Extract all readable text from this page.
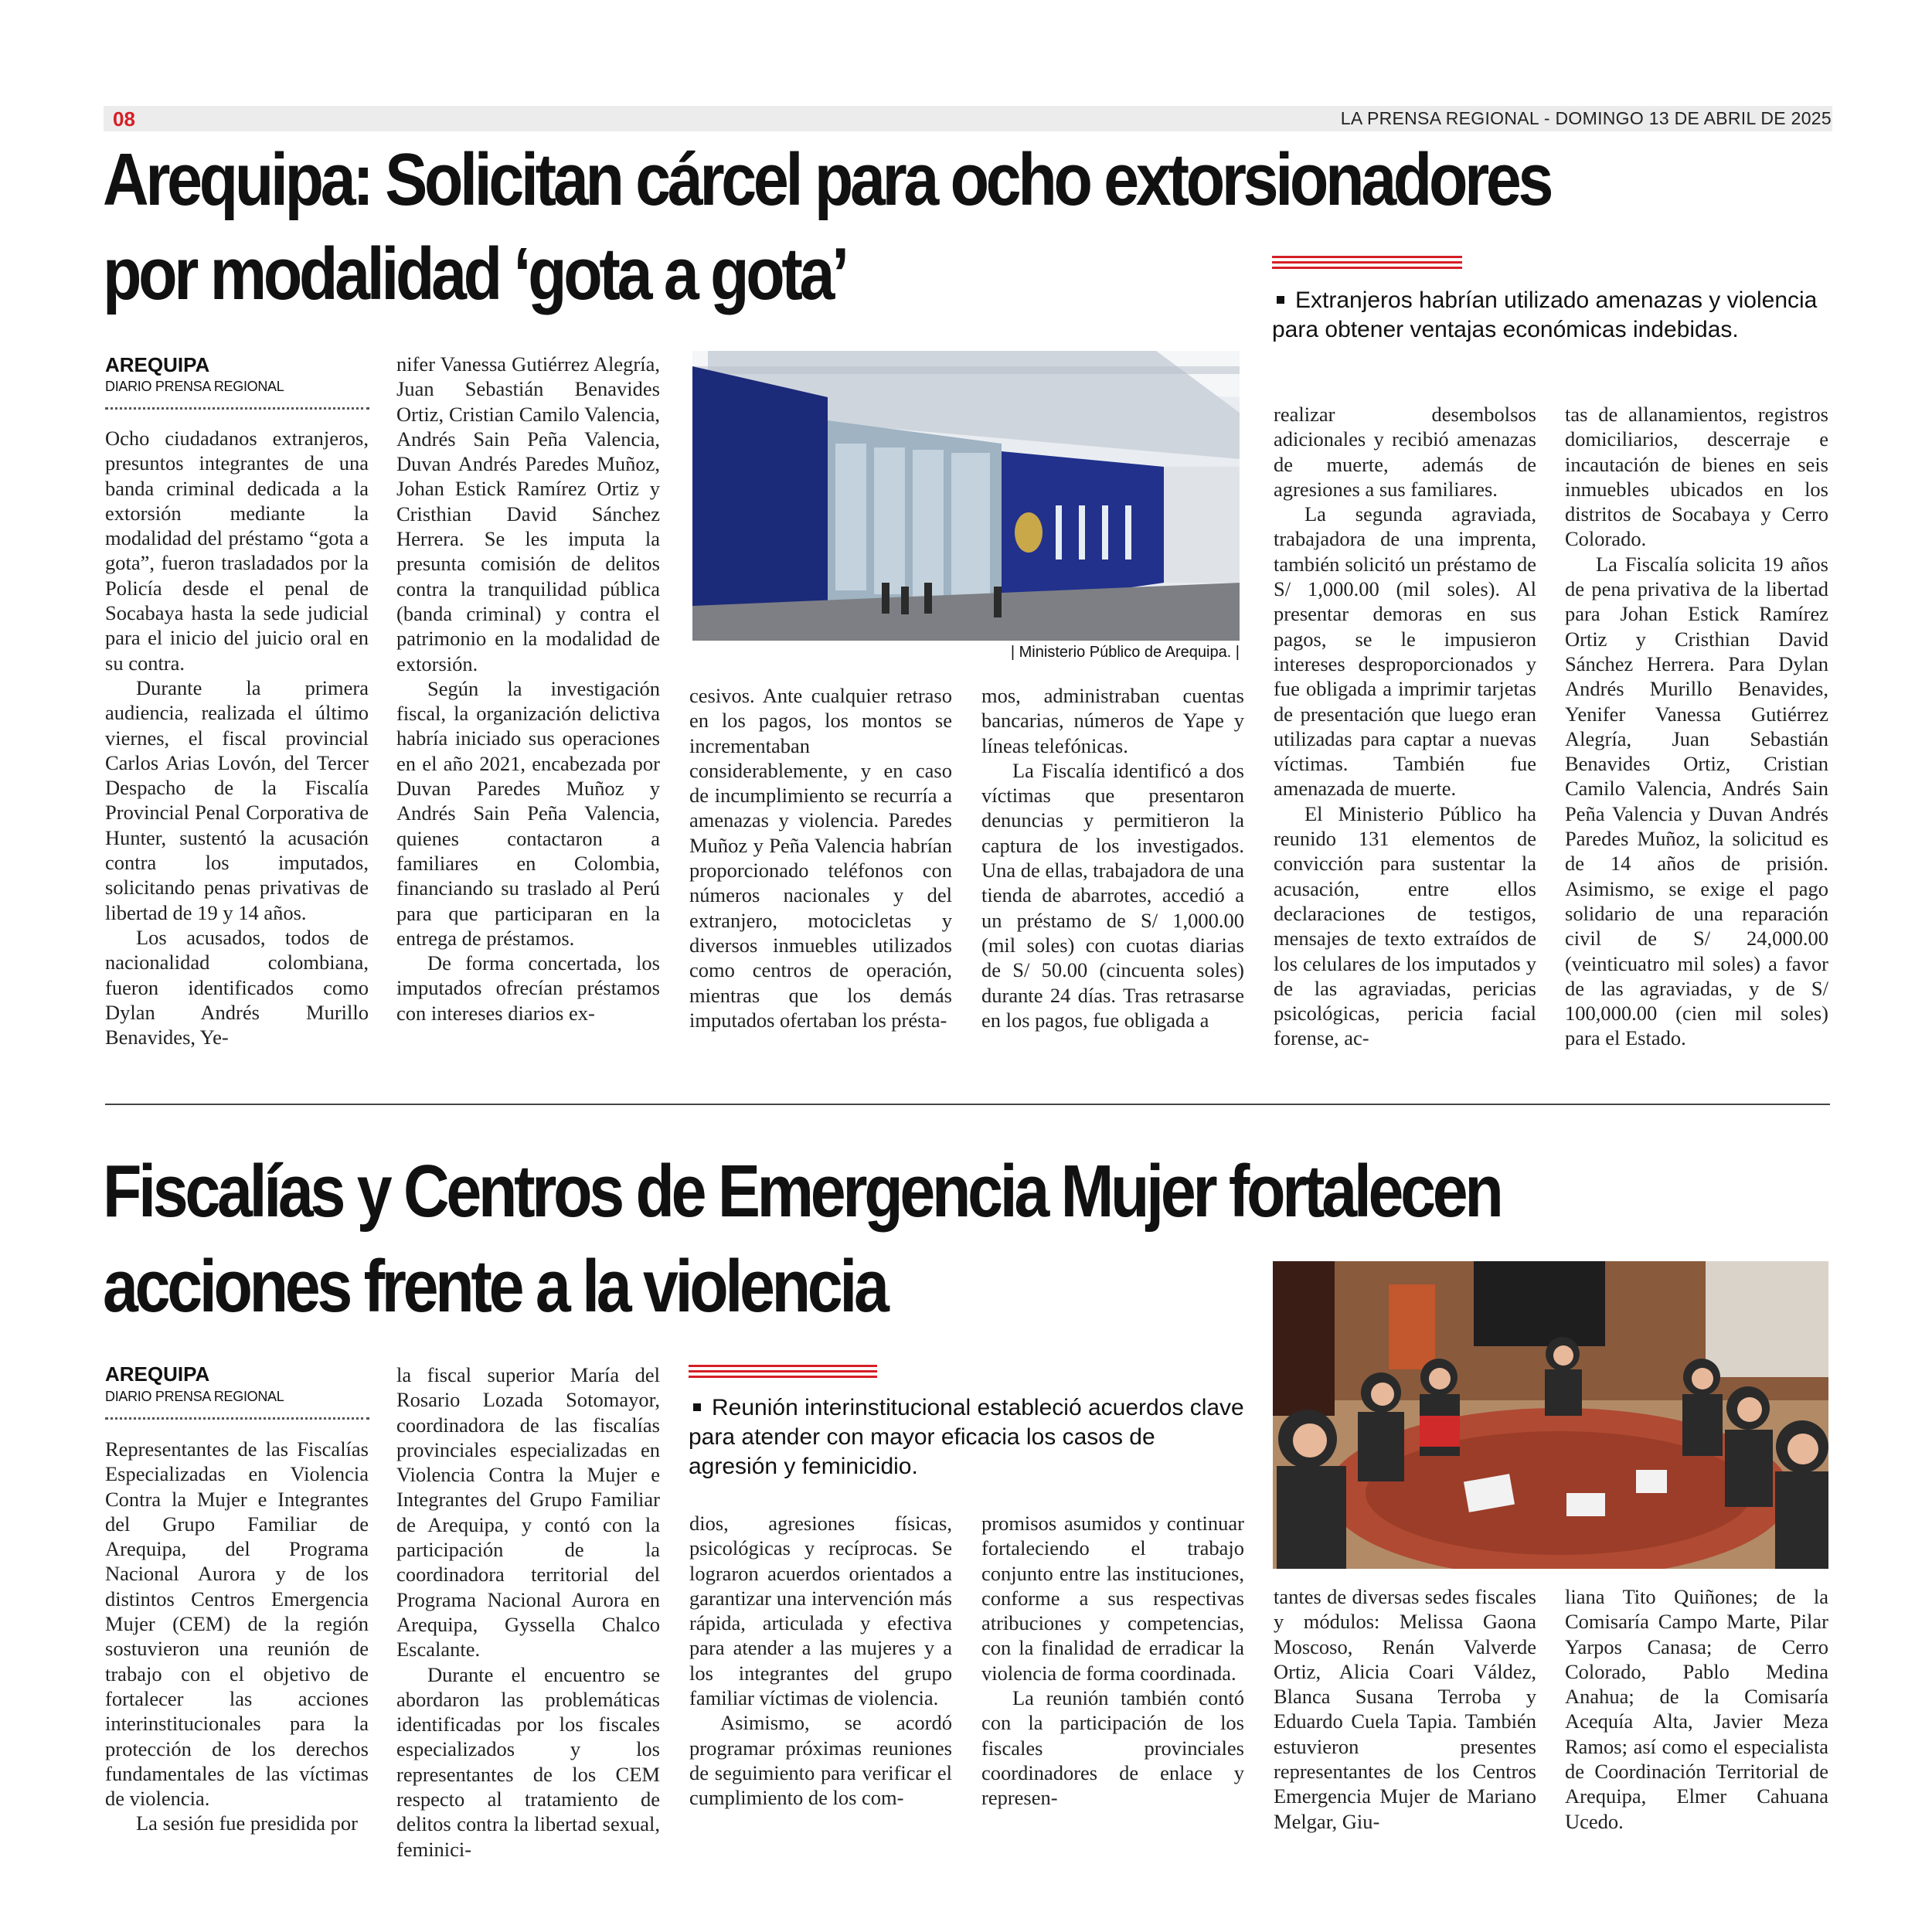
08	LA PRENSA REGIONAL - DOMINGO 13 DE ABRIL DE 2025
Arequipa: Solicitan cárcel para ocho extorsionadores
por modalidad ‘gota a gota’
AREQUIPA
DIARIO PRENSA REGIONAL
Extranjeros habrían utilizado amenazas y violencia para obtener ventajas económicas indebidas.
| Ministerio Público de Arequipa. |

Ocho ciudadanos extranjeros, presuntos integrantes de una banda criminal dedicada a la extorsión mediante la modalidad del préstamo “gota a gota”, fueron trasladados por la Policía desde el penal de Socabaya hasta la sede judicial para el inicio del juicio oral en su contra.

Durante la primera audiencia, realizada el último viernes, el fiscal provincial Carlos Arias Lovón, del Tercer Despacho de la Fiscalía Provincial Penal Corporativa de Hunter, sustentó la acusación contra los imputados, solicitando penas privativas de libertad de 19 y 14 años.

Los acusados, todos de nacionalidad colombiana, fueron identificados como Dylan Andrés Murillo Benavides, Ye-

nifer Vanessa Gutiérrez Alegría, Juan Sebastián Benavides Ortiz, Cristian Camilo Valencia, Andrés Sain Peña Valencia, Duvan Andrés Paredes Muñoz, Johan Estick Ramírez Ortiz y Cristhian David Sánchez Herrera. Se les imputa la presunta comisión de delitos contra la tranquilidad pública (banda criminal) y contra el patrimonio en la modalidad de extorsión.

Según la investigación fiscal, la organización delictiva habría iniciado sus operaciones en el año 2021, encabezada por Duvan Paredes Muñoz y Andrés Sain Peña Valencia, quienes contactaron a familiares en Colombia, financiando su traslado al Perú para que participaran en la entrega de préstamos.

De forma concertada, los imputados ofrecían préstamos con intereses diarios ex-

cesivos. Ante cualquier retraso en los pagos, los montos se incrementaban considerablemente, y en caso de incumplimiento se recurría a amenazas y violencia. Paredes Muñoz y Peña Valencia habrían proporcionado teléfonos con números nacionales y del extranjero, motocicletas y diversos inmuebles utilizados como centros de operación, mientras que los demás imputados ofertaban los présta-

mos, administraban cuentas bancarias, números de Yape y líneas telefónicas.

La Fiscalía identificó a dos víctimas que presentaron denuncias y permitieron la captura de los investigados. Una de ellas, trabajadora de una tienda de abarrotes, accedió a un préstamo de S/ 1,000.00 (mil soles) con cuotas diarias de S/ 50.00 (cincuenta soles) durante 24 días. Tras retrasarse en los pagos, fue obligada a

realizar desembolsos adicionales y recibió amenazas de muerte, además de agresiones a sus familiares.

La segunda agraviada, trabajadora de una imprenta, también solicitó un préstamo de S/ 1,000.00 (mil soles). Al presentar demoras en sus pagos, se le impusieron intereses desproporcionados y fue obligada a imprimir tarjetas de presentación que luego eran utilizadas para captar a nuevas víctimas. También fue amenazada de muerte.

El Ministerio Público ha reunido 131 elementos de convicción para sustentar la acusación, entre ellos declaraciones de testigos, mensajes de texto extraídos de los celulares de los imputados y de las agraviadas, pericias psicológicas, pericia facial forense, ac-

tas de allanamientos, registros domiciliarios, descerraje e incautación de bienes en seis inmuebles ubicados en los distritos de Socabaya y Cerro Colorado.

La Fiscalía solicita 19 años de pena privativa de la libertad para Johan Estick Ramírez Ortiz y Cristhian David Sánchez Herrera. Para Dylan Andrés Murillo Benavides, Yenifer Vanessa Gutiérrez Alegría, Juan Sebastián Benavides Ortiz, Cristian Camilo Valencia, Andrés Sain Peña Valencia y Duvan Andrés Paredes Muñoz, la solicitud es de 14 años de prisión. Asimismo, se exige el pago solidario de una reparación civil de S/ 24,000.00 (veinticuatro mil soles) a favor de las agraviadas, y de S/ 100,000.00 (cien mil soles) para el Estado.

Fiscalías y Centros de Emergencia Mujer fortalecen
acciones frente a la violencia
AREQUIPA
DIARIO PRENSA REGIONAL	Reunión interinstitucional estableció acuerdos clave para atender con mayor eficacia los casos de agresión y feminicidio.

Representantes de las Fiscalías Especializadas en Violencia Contra la Mujer e Integrantes del Grupo Familiar de Arequipa, del Programa Nacional Aurora y de los distintos Centros Emergencia Mujer (CEM) de la región sostuvieron una reunión de trabajo con el objetivo de fortalecer las acciones interinstitucionales para la protección de los derechos fundamentales de las víctimas de violencia.

La sesión fue presidida por

la fiscal superior María del Rosario Lozada Sotomayor, coordinadora de las fiscalías provinciales especializadas en Violencia Contra la Mujer e Integrantes del Grupo Familiar de Arequipa, y contó con la participación de la coordinadora territorial del Programa Nacional Aurora en Arequipa, Gyssella Chalco Escalante.

Durante el encuentro se abordaron las problemáticas identificadas por los fiscales especializados y los representantes de los CEM respecto al tratamiento de delitos contra la libertad sexual, feminici-

dios, agresiones físicas, psicológicas y recíprocas. Se lograron acuerdos orientados a garantizar una intervención más rápida, articulada y efectiva para atender a las mujeres y a los integrantes del grupo familiar víctimas de violencia.

Asimismo, se acordó programar próximas reuniones de seguimiento para verificar el cumplimiento de los com-

promisos asumidos y continuar fortaleciendo el trabajo conjunto entre las instituciones, conforme a sus respectivas atribuciones y competencias, con la finalidad de erradicar la violencia de forma coordinada.

La reunión también contó con la participación de los fiscales provinciales coordinadores de enlace y represen-

tantes de diversas sedes fiscales y módulos: Melissa Gaona Moscoso, Renán Valverde Ortiz, Alicia Coari Váldez, Blanca Susana Terroba y Eduardo Cuela Tapia. También estuvieron presentes representantes de los Centros Emergencia Mujer de Mariano Melgar, Giu-

liana Tito Quiñones; de la Comisaría Campo Marte, Pilar Yarpos Canasa; de Cerro Colorado, Pablo Medina Anahua; de la Comisaría Acequía Alta, Javier Meza Ramos; así como el especialista de Coordinación Territorial de Arequipa, Elmer Cahuana Ucedo.
